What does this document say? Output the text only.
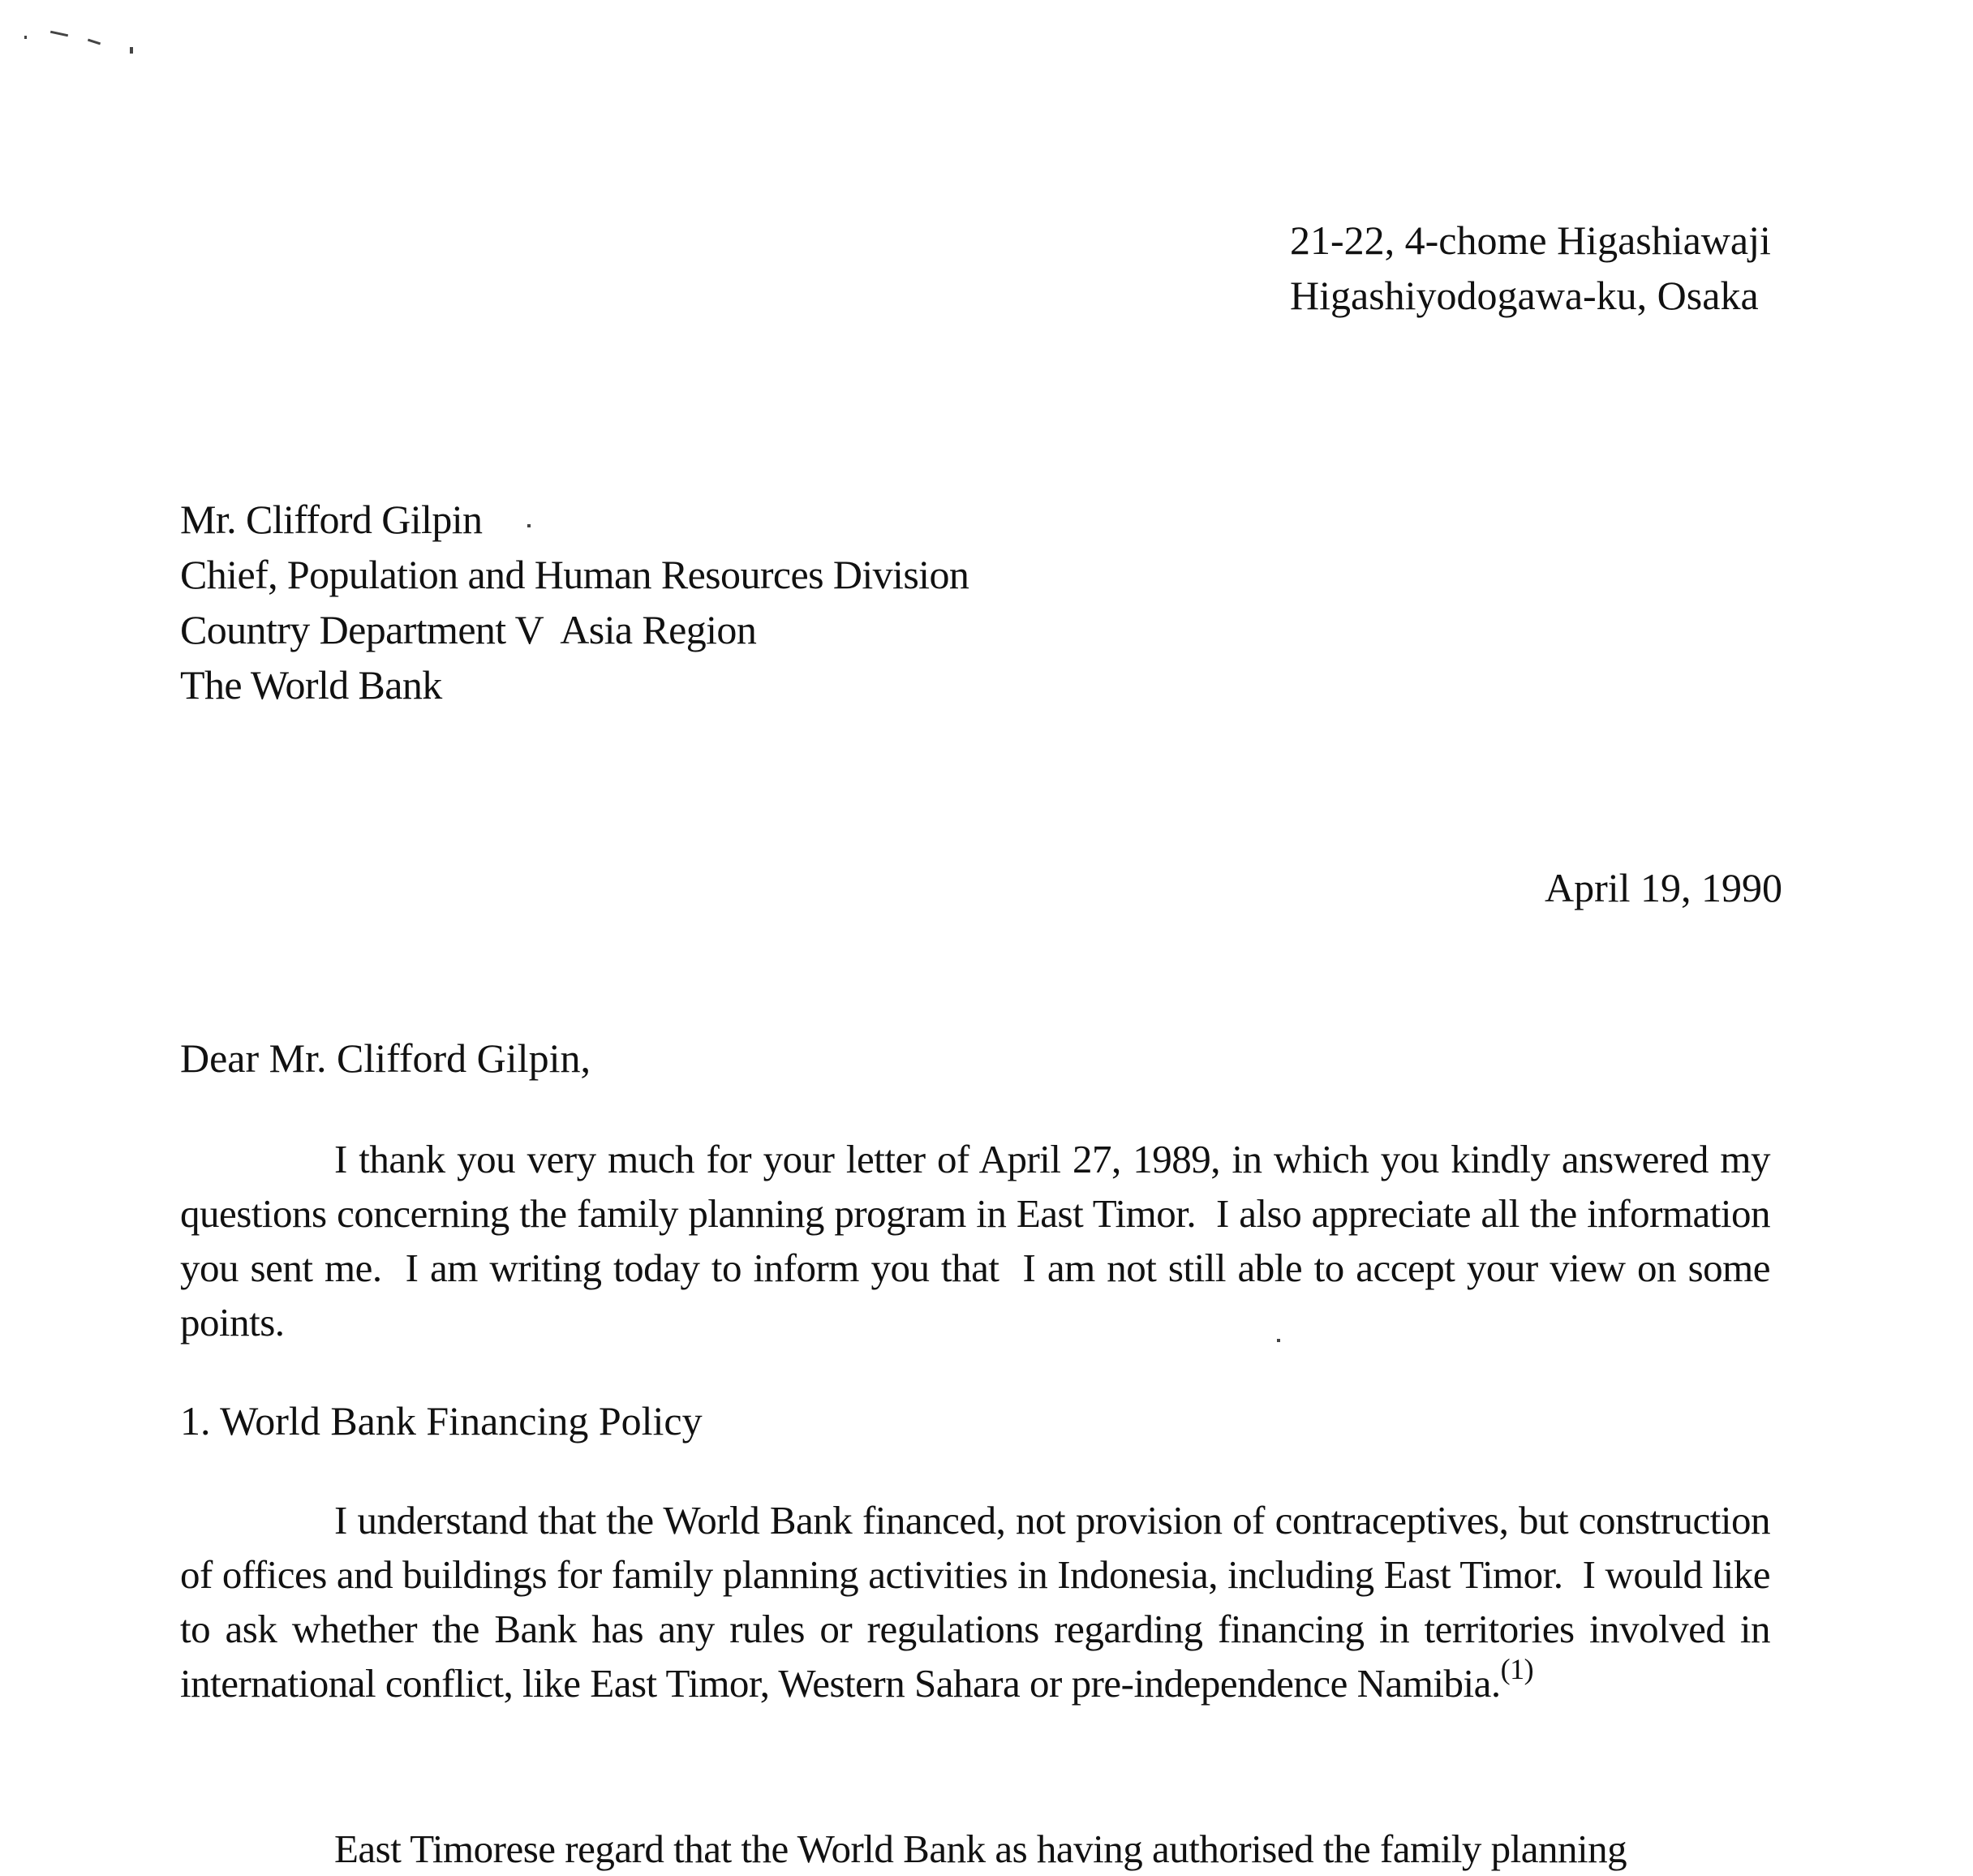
21-22, 4-chome Higashiawaji
Higashiyodogawa-ku, Osaka
Mr. Clifford Gilpin
Chief, Population and Human Resources Division
Country Department V  Asia Region
The World Bank
April 19, 1990
Dear Mr. Clifford Gilpin,
I thank you very much for your letter of April 27, 1989, in which you kindly answered my questions concerning the family planning program in East Timor.  I also appreciate all the information you sent me.  I am writing today to inform you that  I am not still able to accept your view on some points.
1. World Bank Financing Policy
I understand that the World Bank financed, not provision of contraceptives, but construction of offices and buildings for family planning activities in Indonesia, including East Timor.  I would like to ask whether the Bank has any rules or regulations regarding financing in territories involved in international conflict, like East Timor, Western Sahara or pre-independence Namibia.$^{(1)}$
East Timorese regard that the World Bank as having authorised the family planning
